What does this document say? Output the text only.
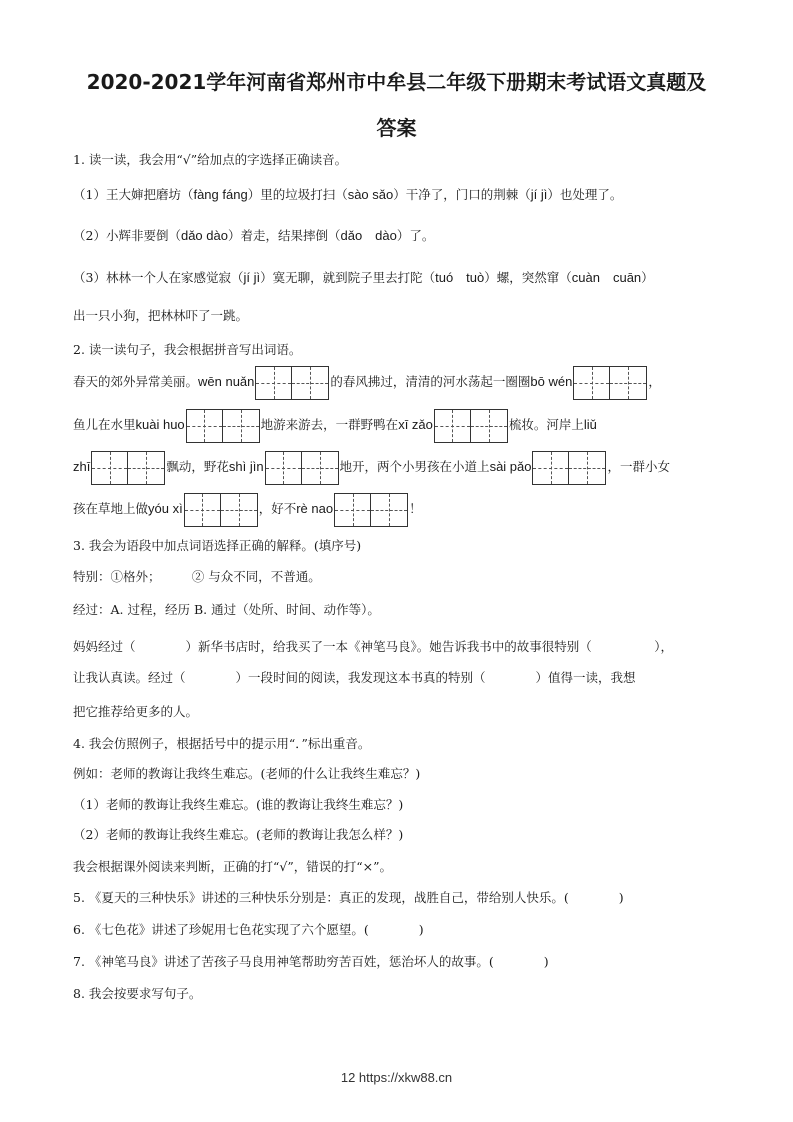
2020-2021学年河南省郑州市中牟县二年级下册期末考试语文真题及
答案
1. 读一读，我会用“√”给加点的字选择正确读音。
（1）王大婶把磨坊（fàng fáng）里的垃圾打扫（sào sǎo）干净了，门口的荆棘（jí jì）也处理了。
（2）小辉非要倒（dǎo dào）着走，结果摔倒（dǎo　dào）了。
（3）林林一个人在家感觉寂（jí jì）寞无聊，就到院子里去打陀（tuó　tuò）螺，突然窜（cuàn　cuān）
出一只小狗，把林林吓了一跳。
2. 读一读句子，我会根据拼音写出词语。
春天的郊外异常美丽。wēn nuǎn	的春风拂过，清清的河水荡起一圈圈bō wén	，
鱼儿在水里kuài huo	地游来游去，一群野鸭在xī zǎo	梳妆。河岸上liǔ
zhī	飘动，野花shì jìn	地开，两个小男孩在小道上sài pǎo	，一群小女
孩在草地上做yóu xì	，好不rè nao	！
3. 我会为语段中加点词语选择正确的解释。(填序号)
特别：①格外；　　　② 与众不同，不普通。
经过：A. 过程，经历 B. 通过（处所、时间、动作等）。
妈妈经过（　　　　）新华书店时，给我买了一本《神笔马良》。她告诉我书中的故事很特别（　　　　　），
让我认真读。经过（　　　　）一段时间的阅读，我发现这本书真的特别（　　　　）值得一读，我想
把它推荐给更多的人。
4. 我会仿照例子，根据括号中的提示用“．”标出重音。
例如：老师的教诲让我终生难忘。(老师的什么让我终生难忘？)
（1）老师的教诲让我终生难忘。(谁的教诲让我终生难忘？)
（2）老师的教诲让我终生难忘。(老师的教诲让我怎么样？)
我会根据课外阅读来判断，正确的打“√”，错误的打“×”。
5. 《夏天的三种快乐》讲述的三种快乐分别是：真正的发现，战胜自己，带给别人快乐。(　　　　)
6. 《七色花》讲述了珍妮用七色花实现了六个愿望。(　　　　)
7. 《神笔马良》讲述了苦孩子马良用神笔帮助穷苦百姓，惩治坏人的故事。(　　　　)
8. 我会按要求写句子。
12 https://xkw88.cn
